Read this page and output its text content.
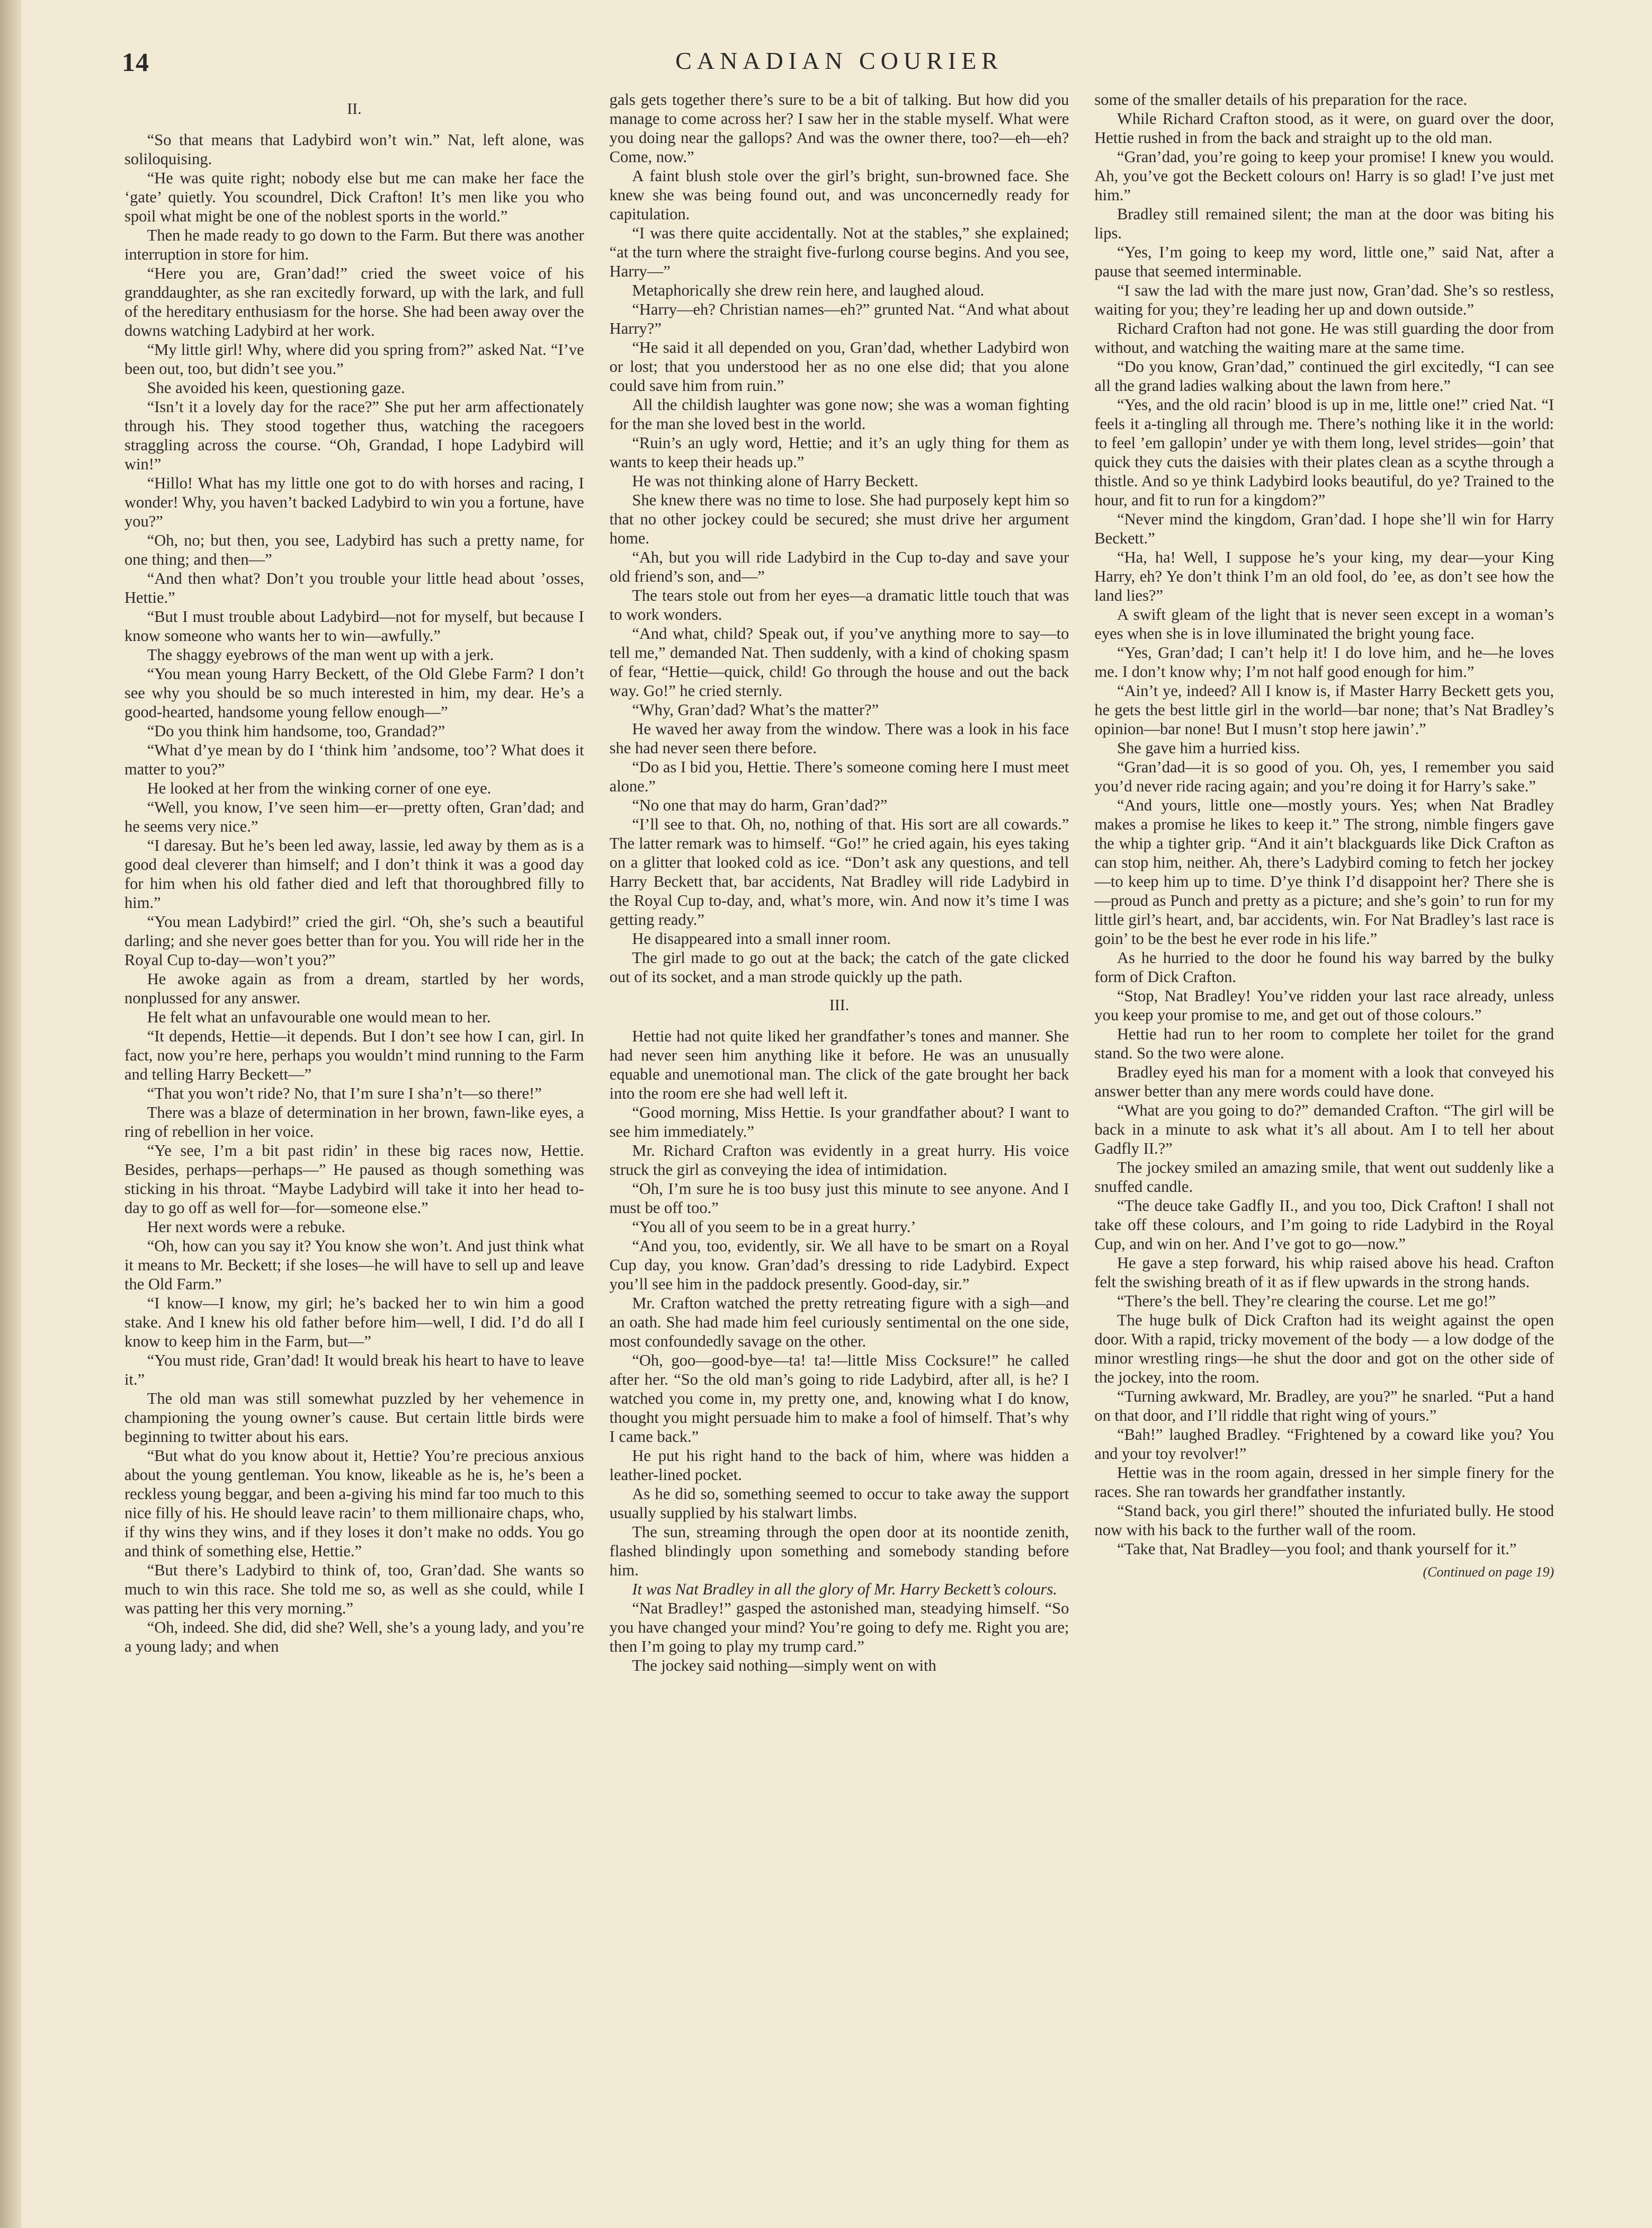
14	CANADIAN COURIER

II.

“So that means that Ladybird won’t win.” Nat, left alone, was soliloquising.

“He was quite right; nobody else but me can make her face the ‘gate’ quietly. You scoundrel, Dick Crafton! It’s men like you who spoil what might be one of the noblest sports in the world.”

Then he made ready to go down to the Farm. But there was another interruption in store for him.

“Here you are, Gran’dad!” cried the sweet voice of his granddaughter, as she ran excitedly forward, up with the lark, and full of the hereditary enthusiasm for the horse. She had been away over the downs watching Ladybird at her work.

“My little girl! Why, where did you spring from?” asked Nat. “I’ve been out, too, but didn’t see you.”

She avoided his keen, questioning gaze.

“Isn’t it a lovely day for the race?” She put her arm affectionately through his. They stood together thus, watching the racegoers straggling across the course. “Oh, Grandad, I hope Ladybird will win!”

“Hillo! What has my little one got to do with horses and racing, I wonder! Why, you haven’t backed Ladybird to win you a fortune, have you?”

“Oh, no; but then, you see, Ladybird has such a pretty name, for one thing; and then—”

“And then what? Don’t you trouble your little head about ’osses, Hettie.”

“But I must trouble about Ladybird—not for myself, but because I know someone who wants her to win—awfully.”

The shaggy eyebrows of the man went up with a jerk.

“You mean young Harry Beckett, of the Old Glebe Farm? I don’t see why you should be so much interested in him, my dear. He’s a good-hearted, handsome young fellow enough—”

“Do you think him handsome, too, Grandad?”

“What d’ye mean by do I ‘think him ’andsome, too’? What does it matter to you?”

He looked at her from the winking corner of one eye.

“Well, you know, I’ve seen him—er—pretty often, Gran’dad; and he seems very nice.”

“I daresay. But he’s been led away, lassie, led away by them as is a good deal cleverer than himself; and I don’t think it was a good day for him when his old father died and left that thoroughbred filly to him.”

“You mean Ladybird!” cried the girl. “Oh, she’s such a beautiful darling; and she never goes better than for you. You will ride her in the Royal Cup to-day—won’t you?”

He awoke again as from a dream, startled by her words, nonplussed for any answer.

He felt what an unfavourable one would mean to her.

“It depends, Hettie—it depends. But I don’t see how I can, girl. In fact, now you’re here, perhaps you wouldn’t mind running to the Farm and telling Harry Beckett—”

“That you won’t ride? No, that I’m sure I sha’n’t—so there!”

There was a blaze of determination in her brown, fawn-like eyes, a ring of rebellion in her voice.

“Ye see, I’m a bit past ridin’ in these big races now, Hettie. Besides, perhaps—perhaps—” He paused as though something was sticking in his throat. “Maybe Ladybird will take it into her head to-day to go off as well for—for—someone else.”

Her next words were a rebuke.

“Oh, how can you say it? You know she won’t. And just think what it means to Mr. Beckett; if she loses—he will have to sell up and leave the Old Farm.”

“I know—I know, my girl; he’s backed her to win him a good stake. And I knew his old father before him—well, I did. I’d do all I know to keep him in the Farm, but—”

“You must ride, Gran’dad! It would break his heart to have to leave it.”

The old man was still somewhat puzzled by her vehemence in championing the young owner’s cause. But certain little birds were beginning to twitter about his ears.

“But what do you know about it, Hettie? You’re precious anxious about the young gentleman. You know, likeable as he is, he’s been a reckless young beggar, and been a-giving his mind far too much to this nice filly of his. He should leave racin’ to them millionaire chaps, who, if thy wins they wins, and if they loses it don’t make no odds. You go and think of something else, Hettie.”

“But there’s Ladybird to think of, too, Gran’dad. She wants so much to win this race. She told me so, as well as she could, while I was patting her this very morning.”

“Oh, indeed. She did, did she? Well, she’s a young lady, and you’re a young lady; and when

gals gets together there’s sure to be a bit of talking. But how did you manage to come across her? I saw her in the stable myself. What were you doing near the gallops? And was the owner there, too?—eh—eh? Come, now.”

A faint blush stole over the girl’s bright, sun-browned face. She knew she was being found out, and was unconcernedly ready for capitulation.

“I was there quite accidentally. Not at the stables,” she explained; “at the turn where the straight five-furlong course begins. And you see, Harry—”

Metaphorically she drew rein here, and laughed aloud.

“Harry—eh? Christian names—eh?” grunted Nat. “And what about Harry?”

“He said it all depended on you, Gran’dad, whether Ladybird won or lost; that you understood her as no one else did; that you alone could save him from ruin.”

All the childish laughter was gone now; she was a woman fighting for the man she loved best in the world.

“Ruin’s an ugly word, Hettie; and it’s an ugly thing for them as wants to keep their heads up.”

He was not thinking alone of Harry Beckett.

She knew there was no time to lose. She had purposely kept him so that no other jockey could be secured; she must drive her argument home.

“Ah, but you will ride Ladybird in the Cup to-day and save your old friend’s son, and—”

The tears stole out from her eyes—a dramatic little touch that was to work wonders.

“And what, child? Speak out, if you’ve anything more to say—to tell me,” demanded Nat. Then suddenly, with a kind of choking spasm of fear, “Hettie—quick, child! Go through the house and out the back way. Go!” he cried sternly.

“Why, Gran’dad? What’s the matter?”

He waved her away from the window. There was a look in his face she had never seen there before.

“Do as I bid you, Hettie. There’s someone coming here I must meet alone.”

“No one that may do harm, Gran’dad?”

“I’ll see to that. Oh, no, nothing of that. His sort are all cowards.” The latter remark was to himself. “Go!” he cried again, his eyes taking on a glitter that looked cold as ice. “Don’t ask any questions, and tell Harry Beckett that, bar accidents, Nat Bradley will ride Ladybird in the Royal Cup to-day, and, what’s more, win. And now it’s time I was getting ready.”

He disappeared into a small inner room.

The girl made to go out at the back; the catch of the gate clicked out of its socket, and a man strode quickly up the path.

III.

Hettie had not quite liked her grandfather’s tones and manner. She had never seen him anything like it before. He was an unusually equable and unemotional man. The click of the gate brought her back into the room ere she had well left it.

“Good morning, Miss Hettie. Is your grandfather about? I want to see him immediately.”

Mr. Richard Crafton was evidently in a great hurry. His voice struck the girl as conveying the idea of intimidation.

“Oh, I’m sure he is too busy just this minute to see anyone. And I must be off too.”

“You all of you seem to be in a great hurry.’

“And you, too, evidently, sir. We all have to be smart on a Royal Cup day, you know. Gran’dad’s dressing to ride Ladybird. Expect you’ll see him in the paddock presently. Good-day, sir.”

Mr. Crafton watched the pretty retreating figure with a sigh—and an oath. She had made him feel curiously sentimental on the one side, most confoundedly savage on the other.

“Oh, goo—good-bye—ta! ta!—little Miss Cocksure!” he called after her. “So the old man’s going to ride Ladybird, after all, is he? I watched you come in, my pretty one, and, knowing what I do know, thought you might persuade him to make a fool of himself. That’s why I came back.”

He put his right hand to the back of him, where was hidden a leather-lined pocket.

As he did so, something seemed to occur to take away the support usually supplied by his stalwart limbs.

The sun, streaming through the open door at its noontide zenith, flashed blindingly upon something and somebody standing before him.

It was Nat Bradley in all the glory of Mr. Harry Beckett’s colours.

“Nat Bradley!” gasped the astonished man, steadying himself. “So you have changed your mind? You’re going to defy me. Right you are; then I’m going to play my trump card.”

The jockey said nothing—simply went on with

some of the smaller details of his preparation for the race.

While Richard Crafton stood, as it were, on guard over the door, Hettie rushed in from the back and straight up to the old man.

“Gran’dad, you’re going to keep your promise! I knew you would. Ah, you’ve got the Beckett colours on! Harry is so glad! I’ve just met him.”

Bradley still remained silent; the man at the door was biting his lips.

“Yes, I’m going to keep my word, little one,” said Nat, after a pause that seemed interminable.

“I saw the lad with the mare just now, Gran’dad. She’s so restless, waiting for you; they’re leading her up and down outside.”

Richard Crafton had not gone. He was still guarding the door from without, and watching the waiting mare at the same time.

“Do you know, Gran’dad,” continued the girl excitedly, “I can see all the grand ladies walking about the lawn from here.”

“Yes, and the old racin’ blood is up in me, little one!” cried Nat. “I feels it a-tingling all through me. There’s nothing like it in the world: to feel ’em gallopin’ under ye with them long, level strides—goin’ that quick they cuts the daisies with their plates clean as a scythe through a thistle. And so ye think Ladybird looks beautiful, do ye? Trained to the hour, and fit to run for a kingdom?”

“Never mind the kingdom, Gran’dad. I hope she’ll win for Harry Beckett.”

“Ha, ha! Well, I suppose he’s your king, my dear—your King Harry, eh? Ye don’t think I’m an old fool, do ’ee, as don’t see how the land lies?”

A swift gleam of the light that is never seen except in a woman’s eyes when she is in love illuminated the bright young face.

“Yes, Gran’dad; I can’t help it! I do love him, and he—he loves me. I don’t know why; I’m not half good enough for him.”

“Ain’t ye, indeed? All I know is, if Master Harry Beckett gets you, he gets the best little girl in the world—bar none; that’s Nat Bradley’s opinion—bar none! But I musn’t stop here jawin’.”

She gave him a hurried kiss.

“Gran’dad—it is so good of you. Oh, yes, I remember you said you’d never ride racing again; and you’re doing it for Harry’s sake.”

“And yours, little one—mostly yours. Yes; when Nat Bradley makes a promise he likes to keep it.” The strong, nimble fingers gave the whip a tighter grip. “And it ain’t blackguards like Dick Crafton as can stop him, neither. Ah, there’s Ladybird coming to fetch her jockey—to keep him up to time. D’ye think I’d disappoint her? There she is—proud as Punch and pretty as a picture; and she’s goin’ to run for my little girl’s heart, and, bar accidents, win. For Nat Bradley’s last race is goin’ to be the best he ever rode in his life.”

As he hurried to the door he found his way barred by the bulky form of Dick Crafton.

“Stop, Nat Bradley! You’ve ridden your last race already, unless you keep your promise to me, and get out of those colours.”

Hettie had run to her room to complete her toilet for the grand stand. So the two were alone.

Bradley eyed his man for a moment with a look that conveyed his answer better than any mere words could have done.

“What are you going to do?” demanded Crafton. “The girl will be back in a minute to ask what it’s all about. Am I to tell her about Gadfly II.?”

The jockey smiled an amazing smile, that went out suddenly like a snuffed candle.

“The deuce take Gadfly II., and you too, Dick Crafton! I shall not take off these colours, and I’m going to ride Ladybird in the Royal Cup, and win on her. And I’ve got to go—now.”

He gave a step forward, his whip raised above his head. Crafton felt the swishing breath of it as if flew upwards in the strong hands.

“There’s the bell. They’re clearing the course. Let me go!”

The huge bulk of Dick Crafton had its weight against the open door. With a rapid, tricky movement of the body — a low dodge of the minor wrestling rings—he shut the door and got on the other side of the jockey, into the room.

“Turning awkward, Mr. Bradley, are you?” he snarled. “Put a hand on that door, and I’ll riddle that right wing of yours.”

“Bah!” laughed Bradley. “Frightened by a coward like you? You and your toy revolver!”

Hettie was in the room again, dressed in her simple finery for the races. She ran towards her grandfather instantly.

“Stand back, you girl there!” shouted the infuriated bully. He stood now with his back to the further wall of the room.

“Take that, Nat Bradley—you fool; and thank yourself for it.”

(Continued on page 19)
